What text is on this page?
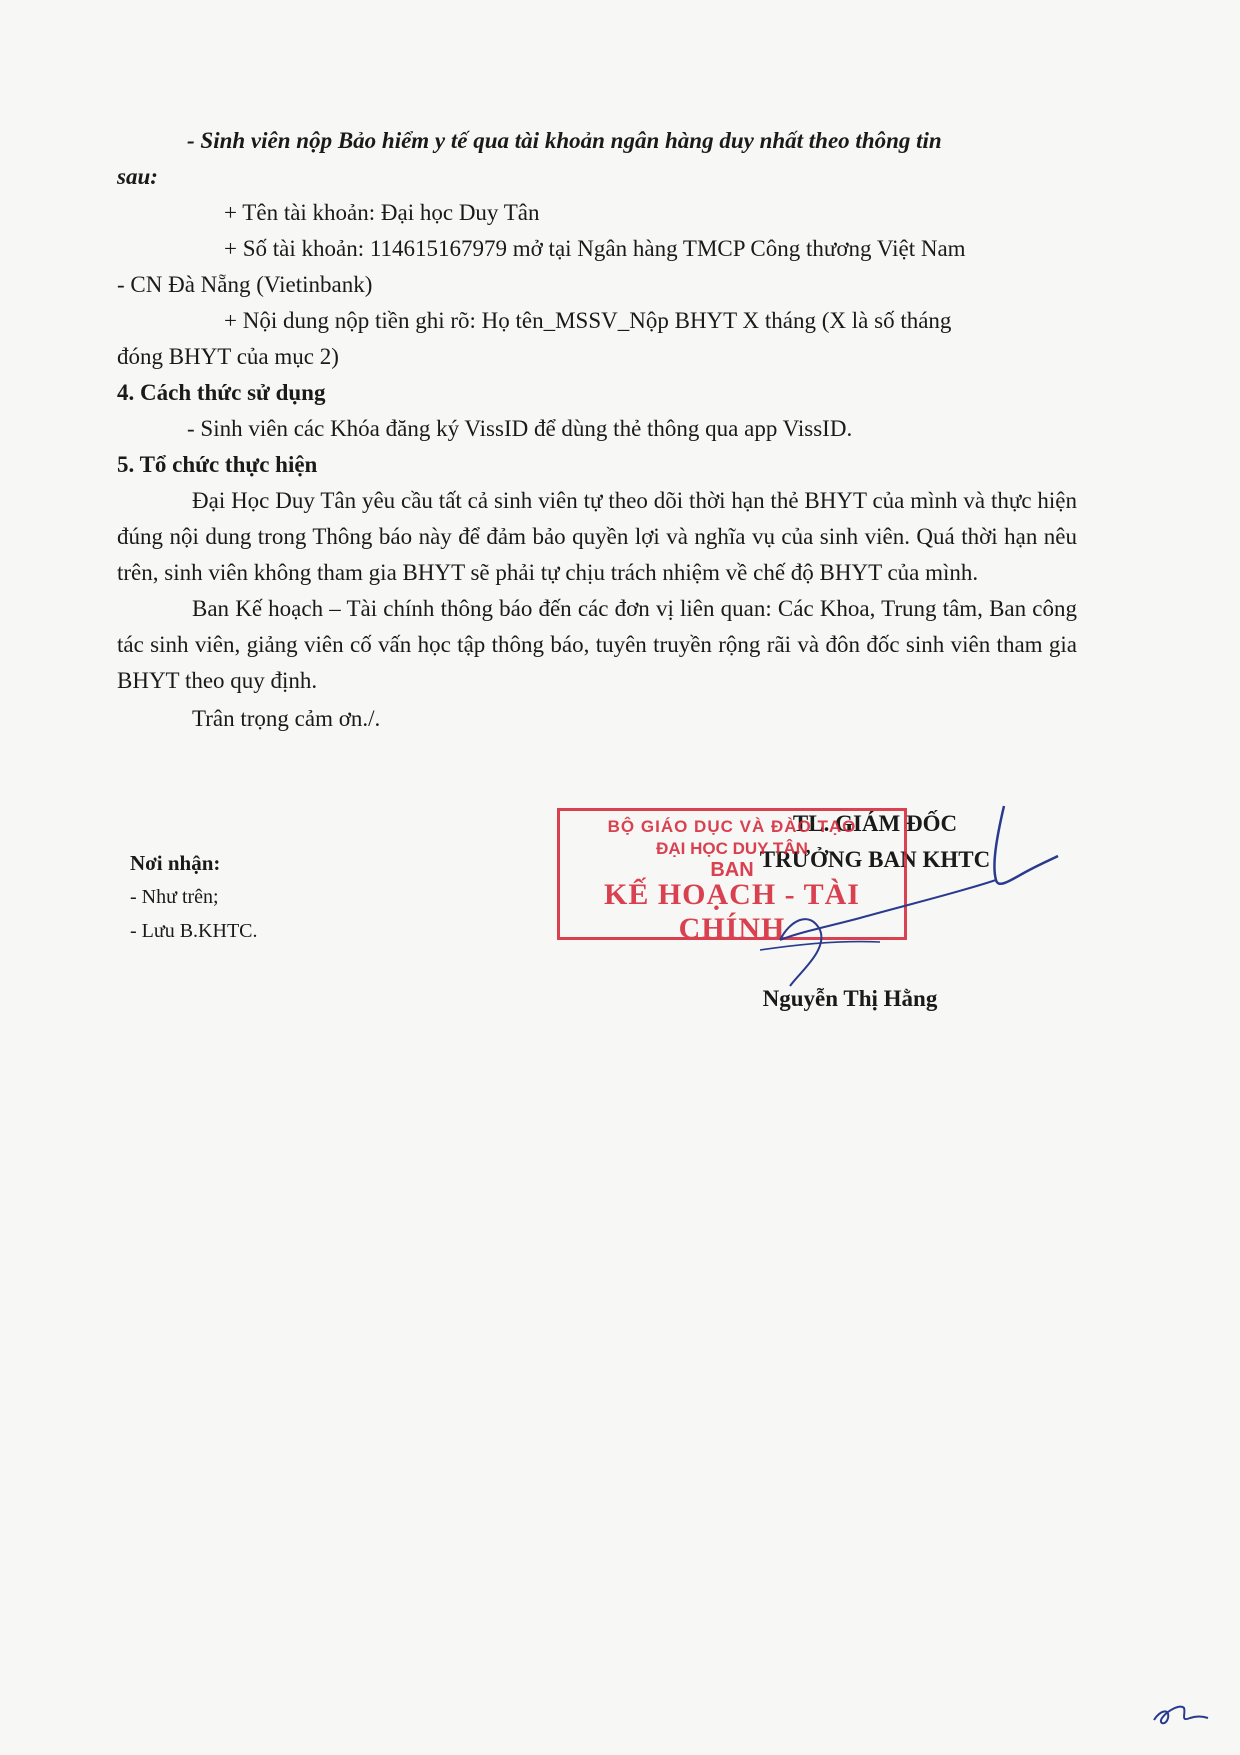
- Sinh viên nộp Bảo hiểm y tế qua tài khoản ngân hàng duy nhất theo thông tin

sau:

+ Tên tài khoản: Đại học Duy Tân

+ Số tài khoản: 114615167979 mở tại Ngân hàng TMCP Công thương Việt Nam

- CN Đà Nẵng (Vietinbank)

+ Nội dung nộp tiền ghi rõ: Họ tên_MSSV_Nộp BHYT X tháng (X là số tháng

đóng BHYT của mục 2)

4. Cách thức sử dụng

- Sinh viên các Khóa đăng ký VissID để dùng thẻ thông qua app VissID.

5. Tổ chức thực hiện

Đại Học Duy Tân yêu cầu tất cả sinh viên tự theo dõi thời hạn thẻ BHYT của mình và thực hiện đúng nội dung trong Thông báo này để đảm bảo quyền lợi và nghĩa vụ của sinh viên. Quá thời hạn nêu trên, sinh viên không tham gia BHYT sẽ phải tự chịu trách nhiệm về chế độ BHYT của mình.

Ban Kế hoạch – Tài chính thông báo đến các đơn vị liên quan: Các Khoa, Trung tâm, Ban công tác sinh viên, giảng viên cố vấn học tập thông báo, tuyên truyền rộng rãi và đôn đốc sinh viên tham gia BHYT theo quy định.

Trân trọng cảm ơn./.

Nơi nhận:
- Như trên;
- Lưu B.KHTC.
TL. GIÁM ĐỐC
TRƯỞNG BAN KHTC
BỘ GIÁO DỤC VÀ ĐÀO TẠO
ĐẠI HỌC DUY TÂN
BAN
KẾ HOẠCH - TÀI CHÍNH
Nguyễn Thị Hằng
